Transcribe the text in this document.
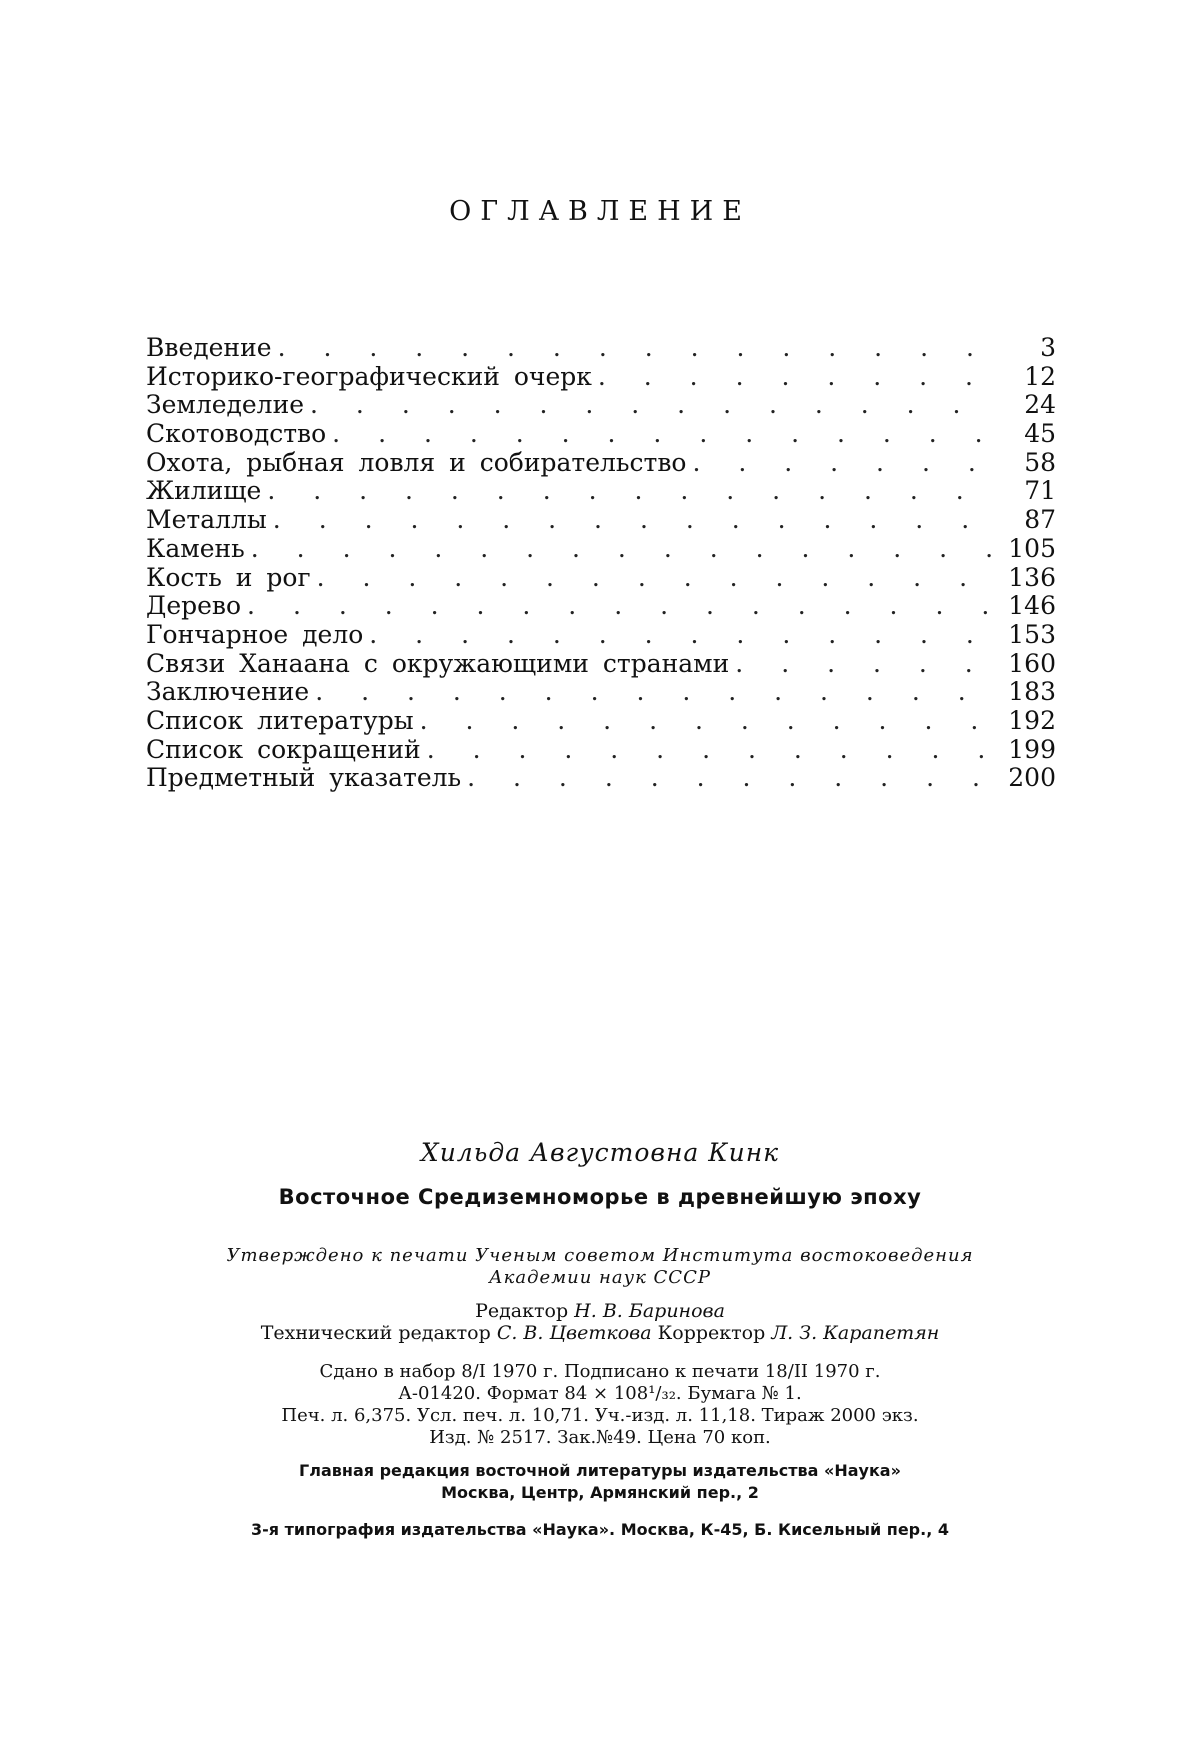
ОГЛАВЛЕНИЕ
Введение . . .	3
Историко-географический очерк . . .	12
Земледелие . . .	24
Скотоводство . . .	45
Охота, рыбная ловля и собирательство . . .	58
Жилище . . .	71
Металлы . . .	87
Камень . . .	105
Кость и рог . . .	136
Дерево . . .	146
Гончарное дело . . .	153
Связи Ханаана с окружающими странами . . .	160
Заключение . . .	183
Список литературы . . .	192
Список сокращений . . .	199
Предметный указатель . . .	200
Хильда Августовна Кинк
Восточное Средиземноморье в древнейшую эпоху
Утверждено к печати Ученым советом Института востоковедения
Академии наук СССР
Редактор Н. В. Баринова
Технический редактор С. В. Цветкова Корректор Л. З. Карапетян
Сдано в набор 8/I 1970 г. Подписано к печати 18/II 1970 г.
А-01420. Формат 84 × 108¹/₃₂. Бумага № 1.
Печ. л. 6,375. Усл. печ. л. 10,71. Уч.-изд. л. 11,18. Тираж 2000 экз.
Изд. № 2517. Зак.№49. Цена 70 коп.
Главная редакция восточной литературы издательства «Наука»
Москва, Центр, Армянский пер., 2
3-я типография издательства «Наука». Москва, К-45, Б. Кисельный пер., 4
